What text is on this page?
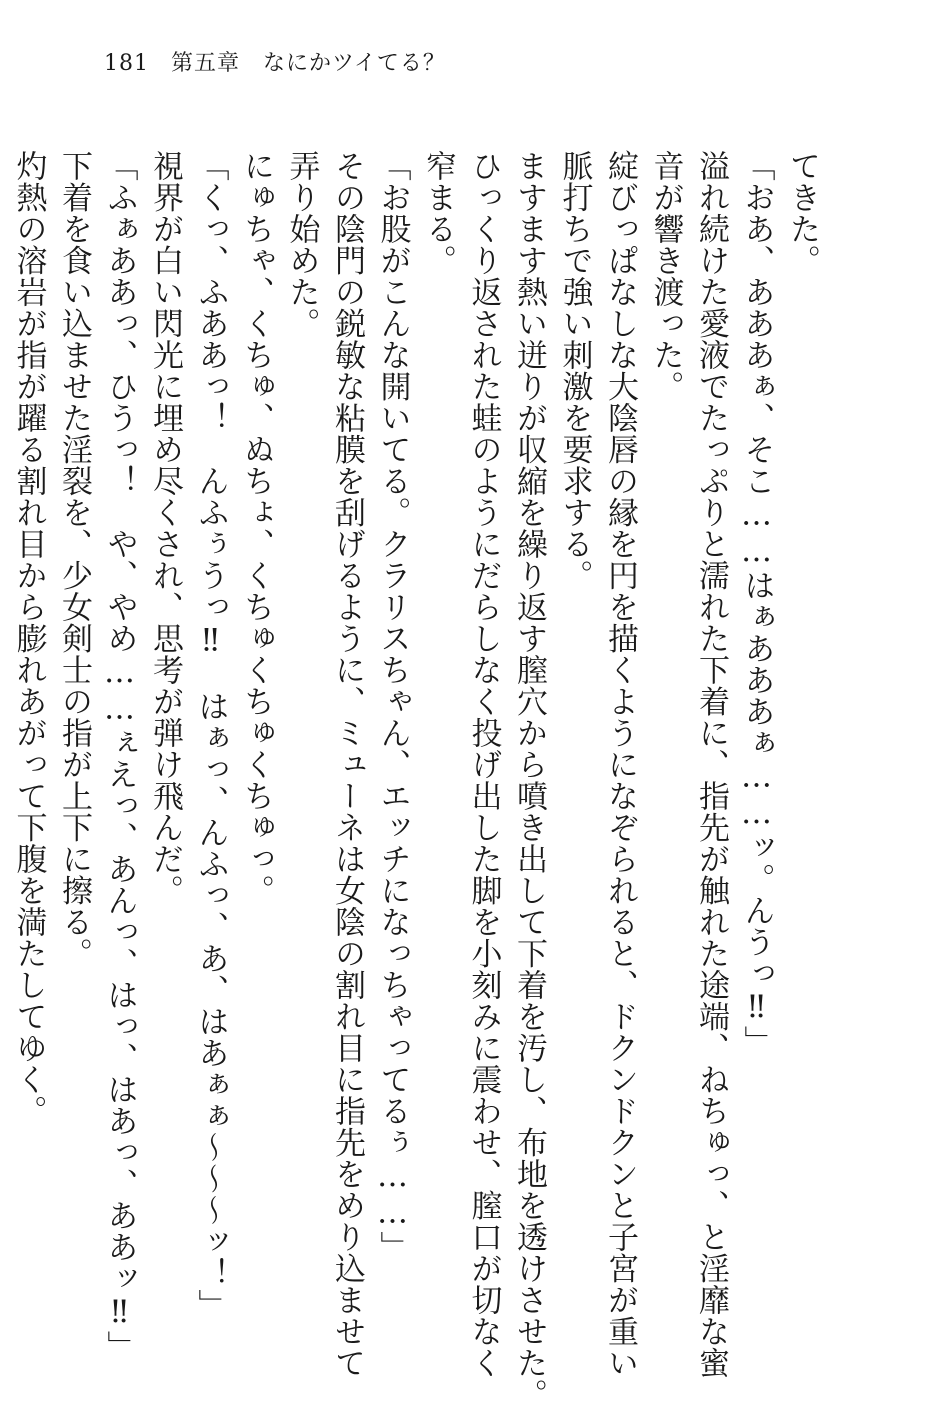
181 第五章　 なにかツイてる？

てきた。

「おあ、あああぁ、そこ……はぁあああぁ……ッ。んうっ‼」

溢れ続けた愛液でたっぷりと濡れた下着に、指先が触れた途端、ねちゅっ、と淫靡な蜜

音が響き渡った。

綻びっぱなしな大陰唇の縁を円を描くようになぞられると、ドクンドクンと子宮が重い

脈打ちで強い刺激を要求する。

ますます熱い迸りが収縮を繰り返す膣穴から噴き出して下着を汚し、布地を透けさせた。

ひっくり返された蛙のようにだらしなく投げ出した脚を小刻みに震わせ、膣口が切なく

窄まる。

「お股がこんな開いてる。クラリスちゃん、エッチになっちゃってるぅ……」

その陰門の鋭敏な粘膜を刮げるように、ミューネは女陰の割れ目に指先をめり込ませて

弄り始めた。

にゅちゃ、くちゅ、ぬちょ、くちゅくちゅくちゅっ。

「くっ、ふああっ！　んふぅうっ‼　はぁっ、んふっ、あ、はあぁぁ〜〜〜ッ！」

視界が白い閃光に埋め尽くされ、思考が弾け飛んだ。

「ふぁああっ、ひうっ！　や、やめ……ぇえっ、あんっ、はっ、はあっ、ああッ‼」

下着を食い込ませた淫裂を、少女剣士の指が上下に擦る。

灼熱の溶岩が指が躍る割れ目から膨れあがって下腹を満たしてゆく。
